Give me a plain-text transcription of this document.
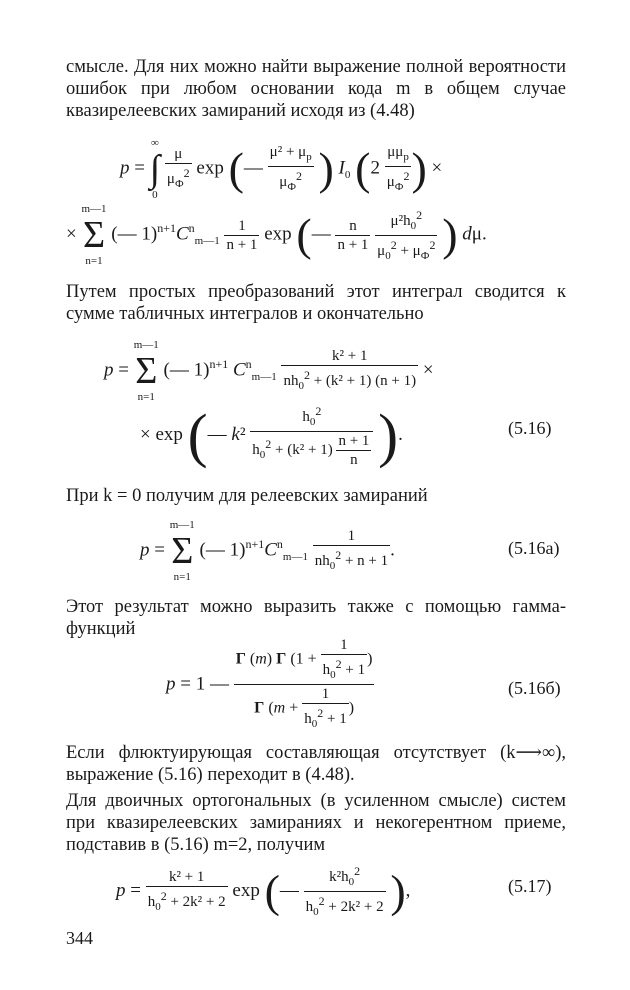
смысле. Для них можно найти выражение полной вероятности ошибок при любом основании кода m в общем случае квазирелеевских замираний исходя из (4.48)
p =
∞
∫
0

$\frac{\mu}{\mu_Ф^2}$ exp (— $\frac{\mu^2 + \mu_p}{\mu_Ф^2}$ ) $I_0$ ($2 \frac{\mu\mu_p}{\mu_Ф^2}$ ) ×
×
m—1
Σ
n=1
(— $1)^{n+1}C^n_{m—1} \frac{1}{n + 1}$ exp (— $\frac{n}{n + 1}$
$\frac{\mu^2h_0^2}{\mu_0^2 + \mu_Ф^2}$ ) dμ.
Путем простых преобразований этот интеграл сводится к сумме табличных интегралов и окончательно
p =
m—1
Σ
n=1
(— 1)$^{n+1}$ $C^n_{m—1} \frac{\text{k² + 1}}{nh_0^2 + (k^2 + 1) (n + 1)}$ ×
× exp (— $k^2 \frac{h_0^2}{h_0^2 + (k^2 + 1) \frac{n + 1}{n}}$ ).	(5.16)
При k = 0 получим для релеевских замираний
p =
m—1
Σ
n=1
(— $1)^{n+1}C^n_{m—1} \frac{1}{nh_0^2 + n + 1}$ .	(5.16а)
Этот результат можно выразить также с помощью гамма-функций
p = 1 — $\frac{Г (m) Г (1 + \frac{1}{h_0^2 + 1} )}{Г (m + \frac{1}{h_0^2 + 1} )}$	(5.16б)
Если флюктуирующая составляющая отсутствует (k⟶∞), выражение (5.16) переходит в (4.48).
Для двоичных ортогональных (в усиленном смысле) систем при квазирелеевских замираниях и некогерентном приеме, подставив в (5.16) m=2, получим
$p = \frac{\text{k² + 1}}{h_0^2 + 2k^2 + 2}$ exp (— $\frac{k^2h_0^2}{h_0^2 + 2k^2 + 2}$ ),	(5.17)
344
